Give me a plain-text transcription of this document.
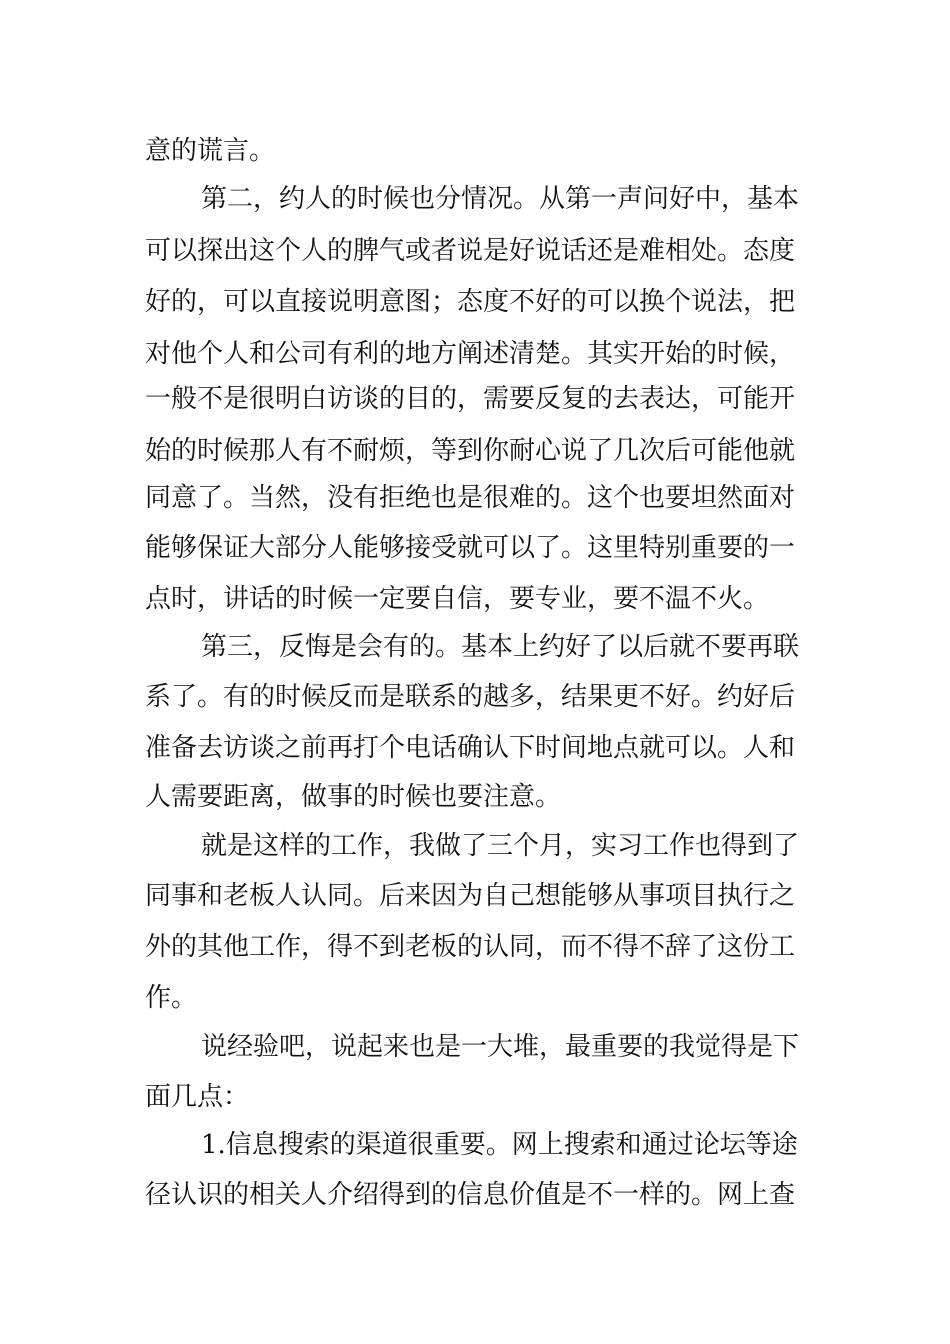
意的谎言。
第二，约人的时候也分情况。从第一声问好中，基本
可以探出这个人的脾气或者说是好说话还是难相处。态度
好的，可以直接说明意图；态度不好的可以换个说法，把
对他个人和公司有利的地方阐述清楚。其实开始的时候，
一般不是很明白访谈的目的，需要反复的去表达，可能开
始的时候那人有不耐烦，等到你耐心说了几次后可能他就
同意了。当然，没有拒绝也是很难的。这个也要坦然面对
能够保证大部分人能够接受就可以了。这里特别重要的一
点时，讲话的时候一定要自信，要专业，要不温不火。
第三，反悔是会有的。基本上约好了以后就不要再联
系了。有的时候反而是联系的越多，结果更不好。约好后
准备去访谈之前再打个电话确认下时间地点就可以。人和
人需要距离，做事的时候也要注意。
就是这样的工作，我做了三个月，实习工作也得到了
同事和老板人认同。后来因为自己想能够从事项目执行之
外的其他工作，得不到老板的认同，而不得不辞了这份工
作。
说经验吧，说起来也是一大堆，最重要的我觉得是下
面几点：
1.信息搜索的渠道很重要。网上搜索和通过论坛等途
径认识的相关人介绍得到的信息价值是不一样的。网上查
